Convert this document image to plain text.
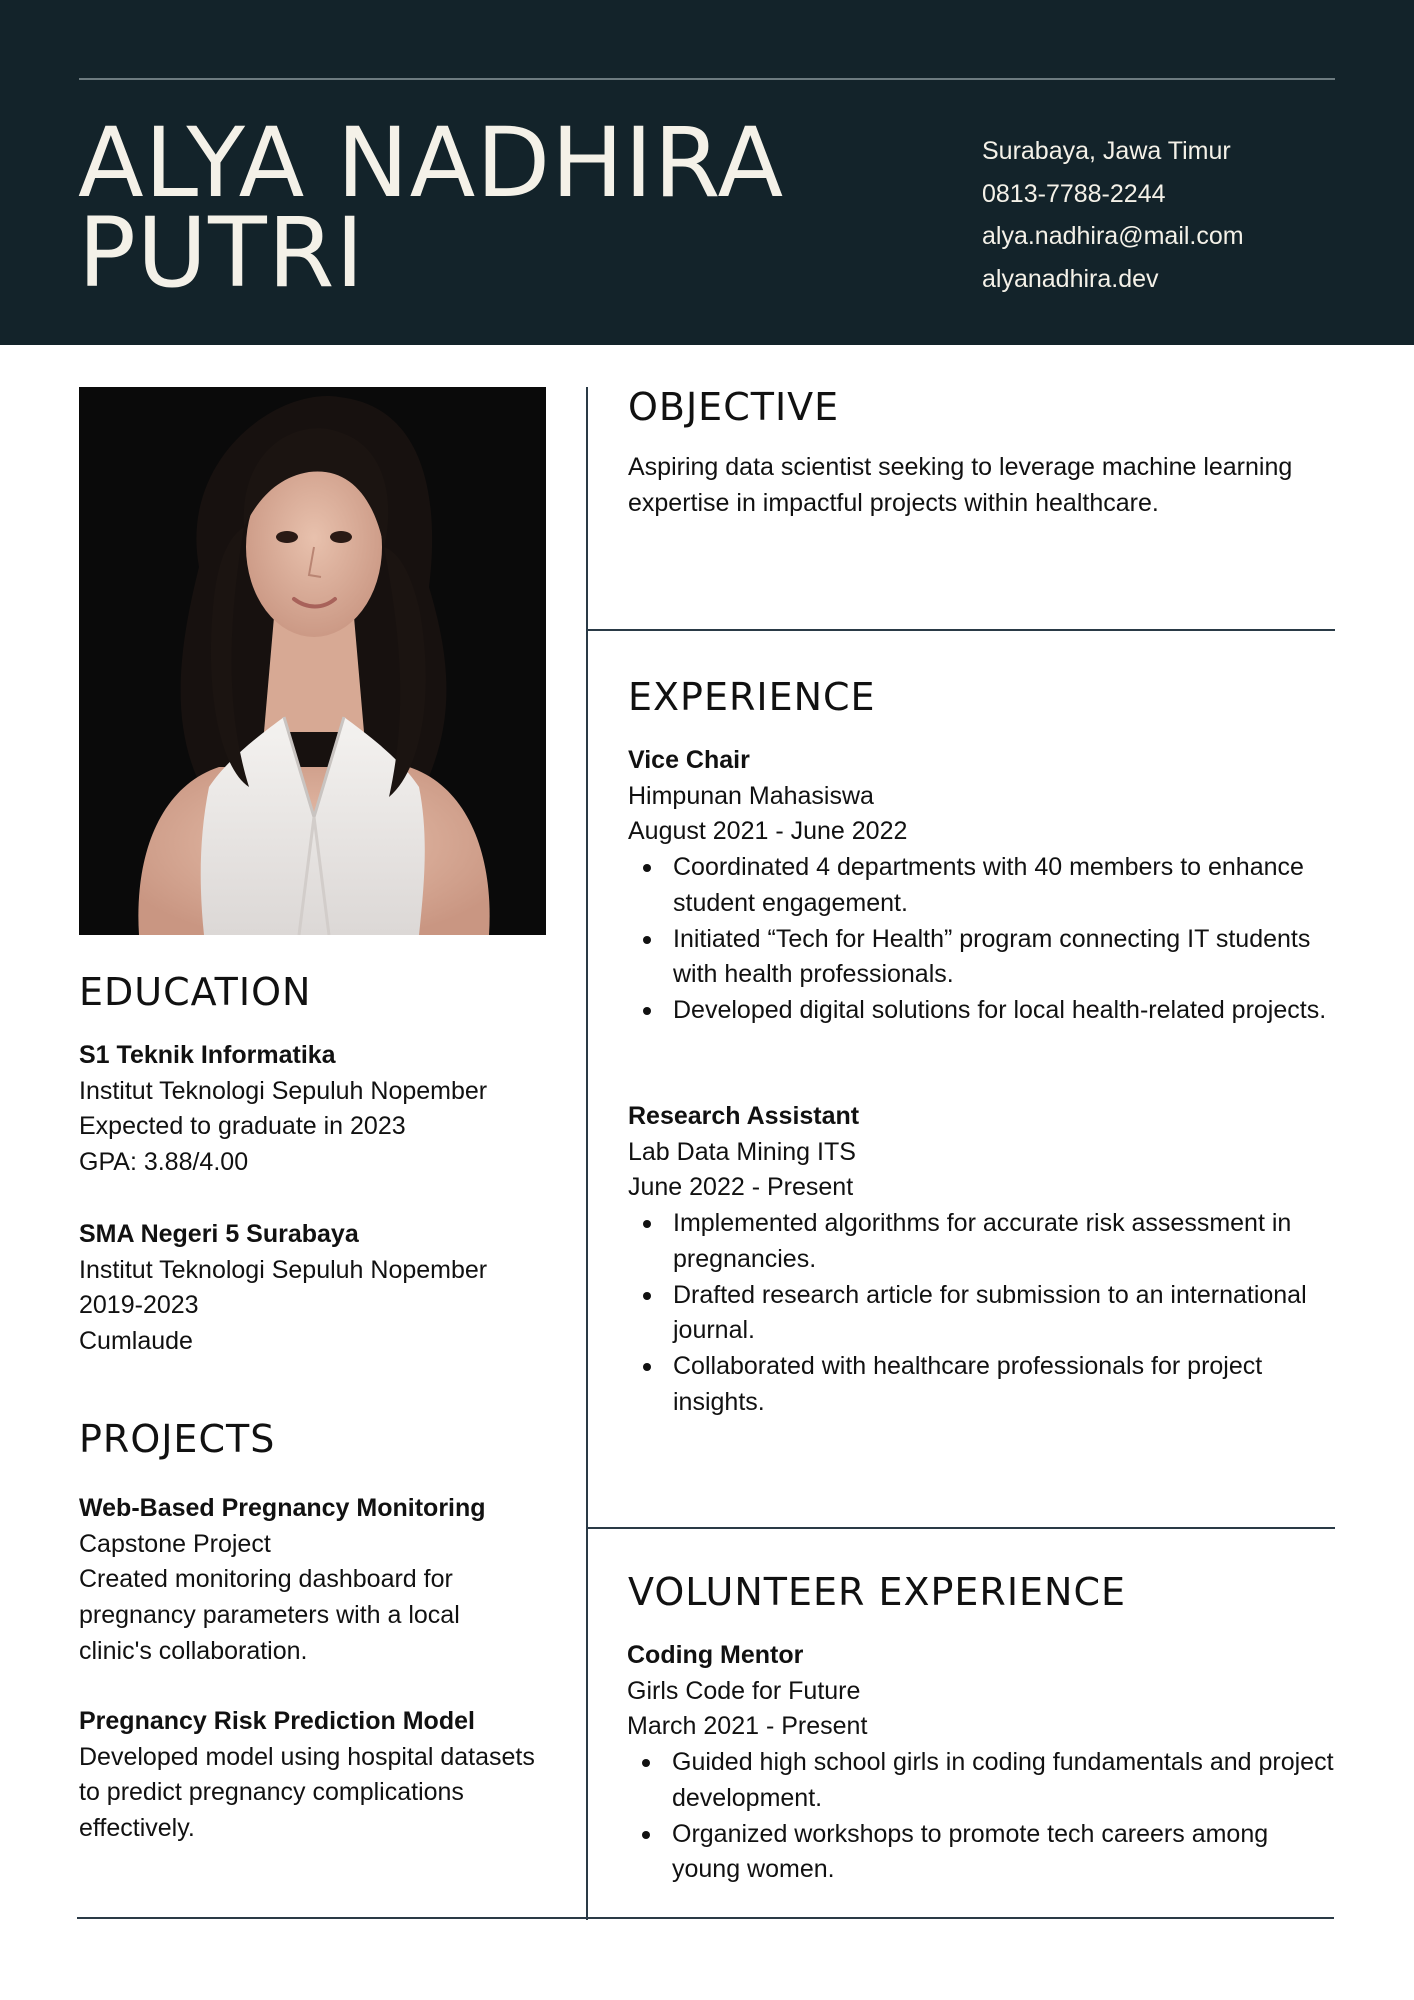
ALYA NADHIRA
PUTRI
Surabaya, Jawa Timur
0813-7788-2244
alya.nadhira@mail.com
alyanadhira.dev
EDUCATION
S1 Teknik Informatika
Institut Teknologi Sepuluh Nopember
Expected to graduate in 2023
GPA: 3.88/4.00
SMA Negeri 5 Surabaya
Institut Teknologi Sepuluh Nopember
2019-2023
Cumlaude
PROJECTS
Web-Based Pregnancy Monitoring
Capstone Project
Created monitoring dashboard for pregnancy parameters with a local clinic's collaboration.
Pregnancy Risk Prediction Model
Developed model using hospital datasets to predict pregnancy complications effectively.
OBJECTIVE
Aspiring data scientist seeking to leverage machine learning expertise in impactful projects within healthcare.
EXPERIENCE
Vice Chair
Himpunan Mahasiswa
August 2021 - June 2022
Coordinated 4 departments with 40 members to enhance student engagement.
Initiated “Tech for Health” program connecting IT students with health professionals.
Developed digital solutions for local health-related projects.
Research Assistant
Lab Data Mining ITS
June 2022 - Present
Implemented algorithms for accurate risk assessment in pregnancies.
Drafted research article for submission to an international journal.
Collaborated with healthcare professionals for project insights.
VOLUNTEER EXPERIENCE
Coding Mentor
Girls Code for Future
March 2021 - Present
Guided high school girls in coding fundamentals and project development.
Organized workshops to promote tech careers among young women.
